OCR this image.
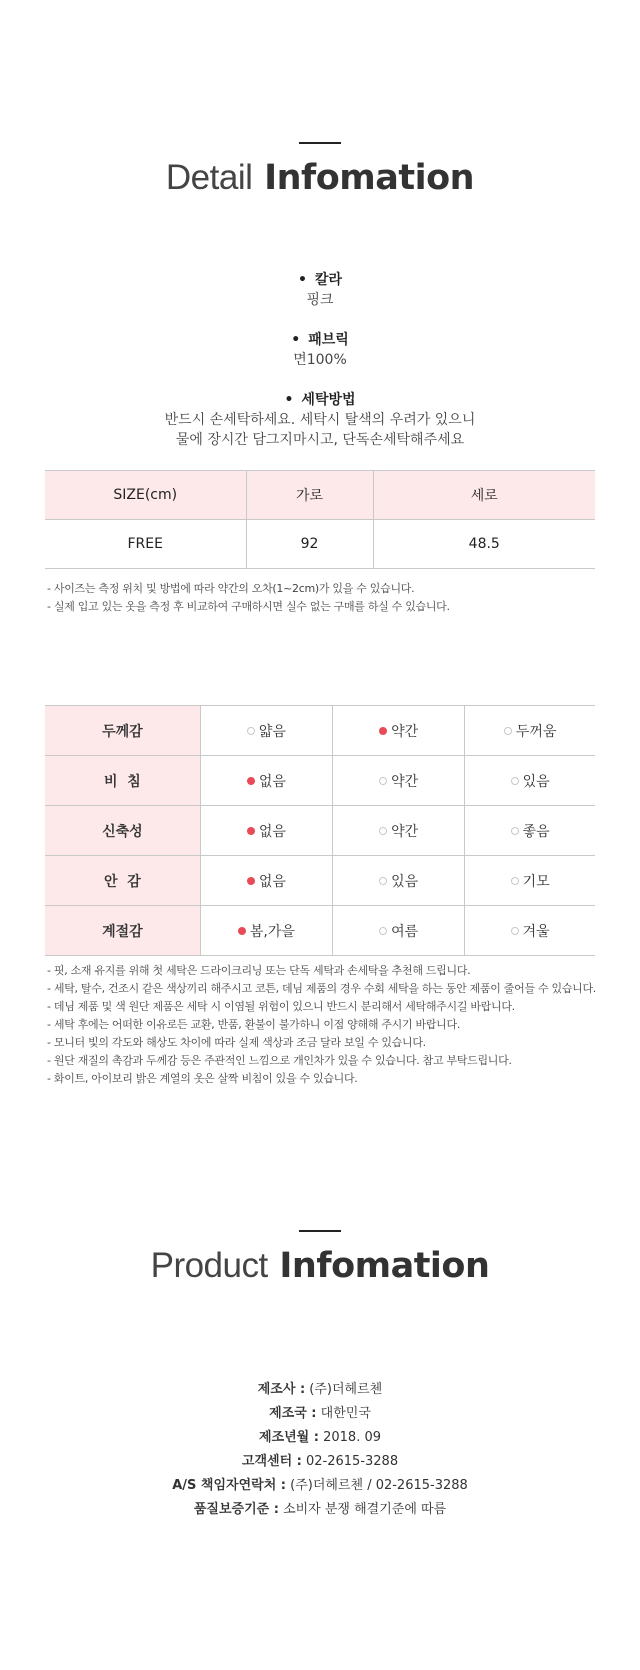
Detail Infomation
• 칼라
핑크
• 패브릭
면100%
• 세탁방법
반드시 손세탁하세요. 세탁시 탈색의 우려가 있으니
물에 장시간 담그지마시고, 단독손세탁해주세요
SIZE(cm)	가로	세로
FREE	92	48.5
- 사이즈는 측정 위치 및 방법에 따라 약간의 오차(1~2cm)가 있을 수 있습니다.
- 실제 입고 있는 옷을 측정 후 비교하여 구매하시면 실수 없는 구매를 하실 수 있습니다.
두께감	얇음	약간	두꺼움

비  침	없음	약간	있음

신축성	없음	약간	좋음

안  감	없음	있음	기모

계절감	봄,가을	여름	겨울
- 핏, 소재 유지를 위해 첫 세탁은 드라이크리닝 또는 단독 세탁과 손세탁을 추천해 드립니다.
- 세탁, 탈수, 건조시 같은 색상끼리 해주시고 코튼, 데님 제품의 경우 수회 세탁을 하는 동안 제품이 줄어들 수 있습니다.
- 데님 제품 및 색 원단 제품은 세탁 시 이염될 위험이 있으니 반드시 분리해서 세탁해주시길 바랍니다.
- 세탁 후에는 어떠한 이유로든 교환, 반품, 환불이 불가하니 이점 양해해 주시기 바랍니다.
- 모니터 빛의 각도와 해상도 차이에 따라 실제 색상과 조금 달라 보일 수 있습니다.
- 원단 재질의 촉감과 두께감 등은 주관적인 느낌으로 개인차가 있을 수 있습니다. 참고 부탁드립니다.
- 화이트, 아이보리 밝은 계열의 옷은 살짝 비침이 있을 수 있습니다.
Product Infomation
제조사 : (주)더헤르첸
제조국 : 대한민국
제조년월 : 2018. 09
고객센터 : 02-2615-3288
A/S 책임자연락처 : (주)더헤르첸 / 02-2615-3288
품질보증기준 : 소비자 분쟁 해결기준에 따름
